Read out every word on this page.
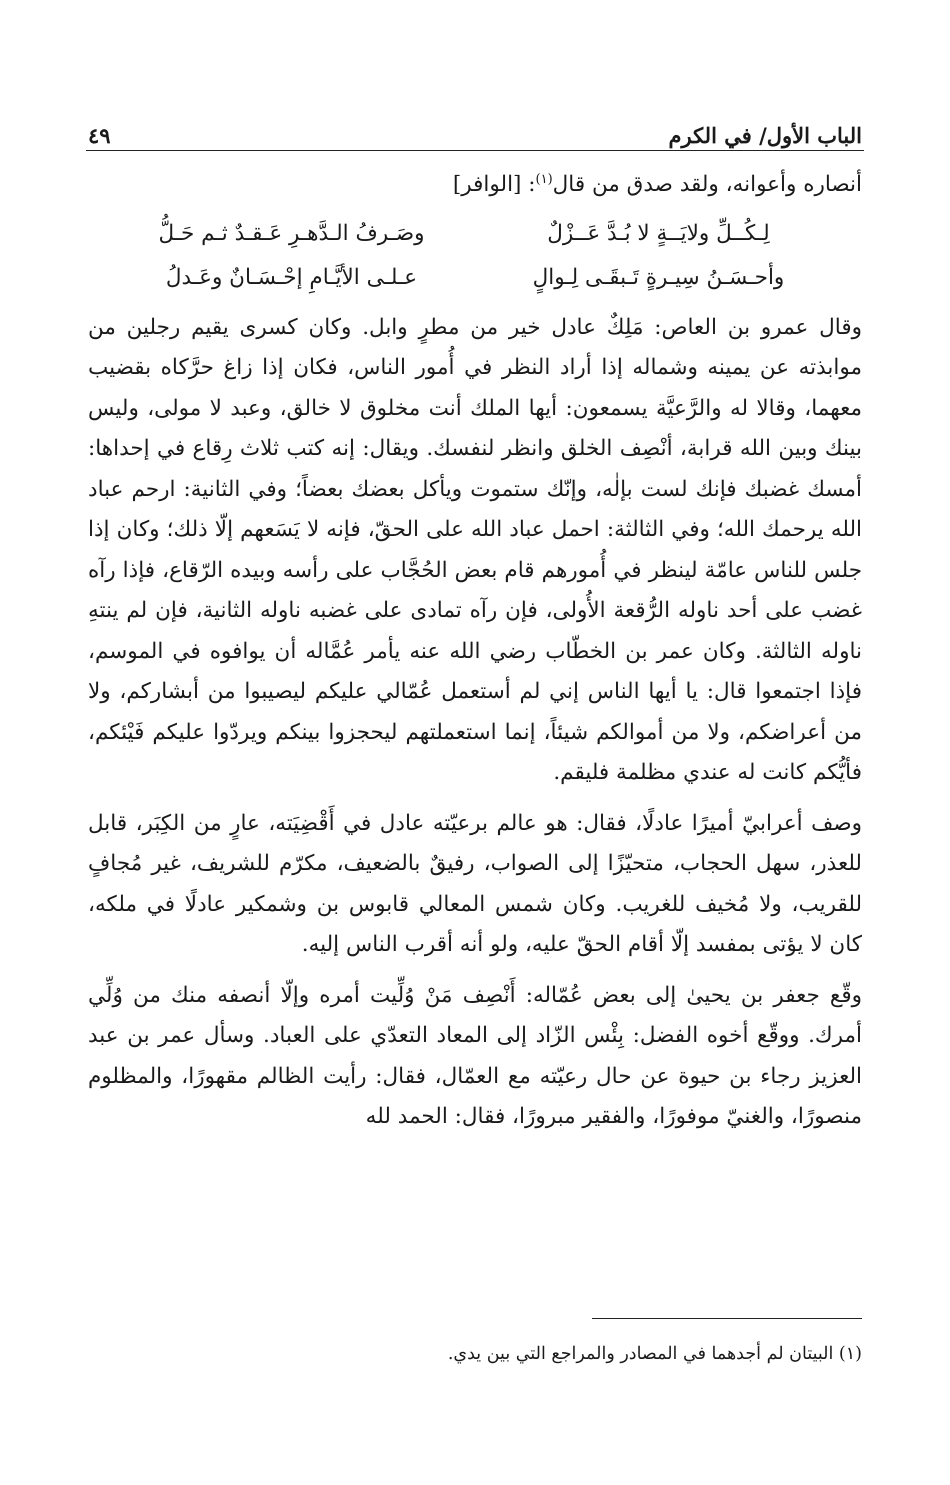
الباب الأول/ في الكرم
٤٩

أنصاره وأعوانه، ولقد صدق من قال$^{(١)}$: [الوافر]

لِـكُــلِّ ولايَــةٍ لا بُـدَّ عَــزْلٌ
وصَـرفُ الـدَّهـرِ عَـقـدٌ ثـم حَـلُّ
وأحـسَـنُ سِيـرةٍ تَـبقَـى لِـوالٍ
عـلـى الأيَّـامِ إحْـسَـانٌ وعَـدلُ

وقال عمرو بن العاص: مَلِكٌ عادل خير من مطرٍ وابل. وكان كسرى يقيم رجلين من موابذته عن يمينه وشماله إذا أراد النظر في أُمور الناس، فكان إذا زاغ حرَّكاه بقضيب معهما، وقالا له والرَّعيَّة يسمعون: أيها الملك أنت مخلوق لا خالق، وعبد لا مولى، وليس بينك وبين الله قرابة، أنْصِف الخلق وانظر لنفسك. ويقال: إنه كتب ثلاث رِقاع في إحداها: أمسك غضبك فإنك لست بإلٰه، وإنّك ستموت ويأكل بعضك بعضاً؛ وفي الثانية: ارحم عباد الله يرحمك الله؛ وفي الثالثة: احمل عباد الله على الحقّ، فإنه لا يَسَعهم إلّا ذلك؛ وكان إذا جلس للناس عامّة لينظر في أُمورهم قام بعض الحُجَّاب على رأسه وبيده الرّقاع، فإذا رآه غضب على أحد ناوله الرُّقعة الأُولى، فإن رآه تمادى على غضبه ناوله الثانية، فإن لم ينتهِ ناوله الثالثة. وكان عمر بن الخطّاب رضي الله عنه يأمر عُمَّاله أن يوافوه في الموسم، فإذا اجتمعوا قال: يا أيها الناس إني لم أستعمل عُمّالي عليكم ليصيبوا من أبشاركم، ولا من أعراضكم، ولا من أموالكم شيئاً، إنما استعملتهم ليحجزوا بينكم ويردّوا عليكم فَيْئكم، فأيُّكم كانت له عندي مظلمة فليقم.

وصف أعرابيّ أميرًا عادلًا، فقال: هو عالم برعيّته عادل في أَقْضِيَته، عارٍ من الكِبَر، قابل للعذر، سهل الحجاب، متحيّزًا إلى الصواب، رفيقٌ بالضعيف، مكرّم للشريف، غير مُجافٍ للقريب، ولا مُخيف للغريب. وكان شمس المعالي قابوس بن وشمكير عادلًا في ملكه، كان لا يؤتى بمفسد إلّا أقام الحقّ عليه، ولو أنه أقرب الناس إليه.

وقّع جعفر بن يحيىٰ إلى بعض عُمّاله: أَنْصِف مَنْ وُلِّيت أمره وإلّا أنصفه منك من وُلِّي أمرك. ووقّع أخوه الفضل: بِئْس الزّاد إلى المعاد التعدّي على العباد. وسأل عمر بن عبد العزيز رجاء بن حيوة عن حال رعيّته مع العمّال، فقال: رأيت الظالم مقهورًا، والمظلوم منصورًا، والغنيّ موفورًا، والفقير مبرورًا، فقال: الحمد لله

(١) البيتان لم أجدهما في المصادر والمراجع التي بين يدي.
